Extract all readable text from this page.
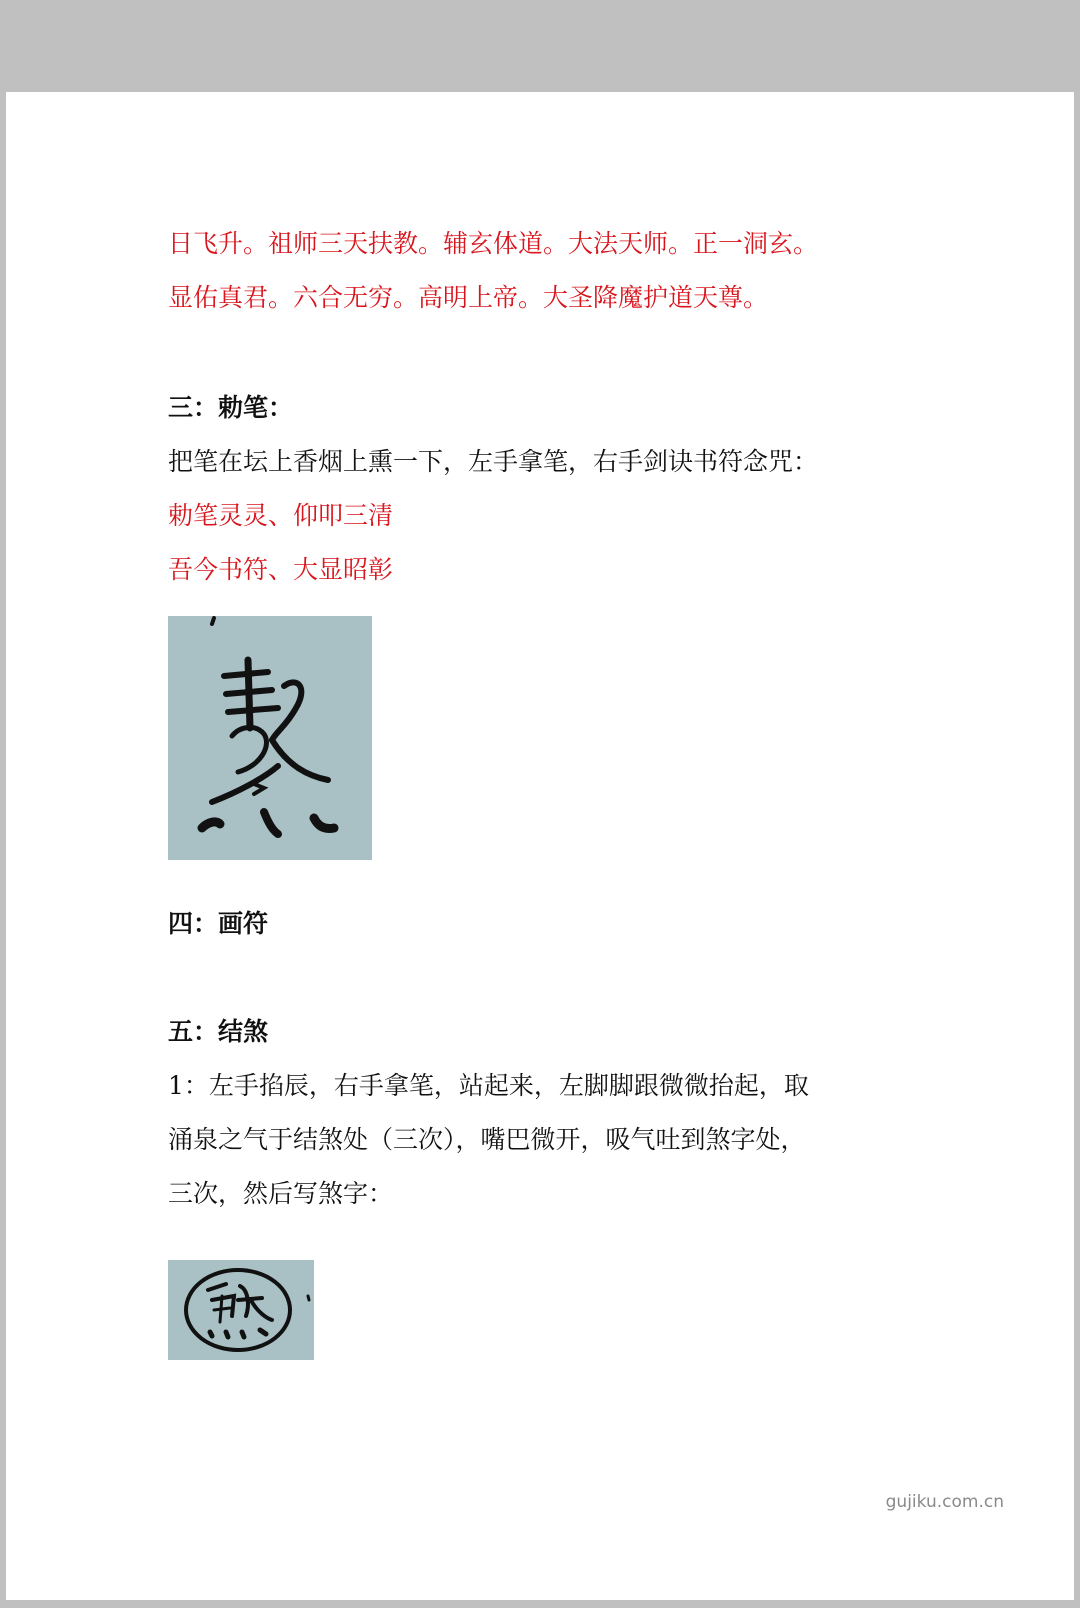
日飞升。祖师三天扶教。辅玄体道。大法天师。正一洞玄。
显佑真君。六合无穷。高明上帝。大圣降魔护道天尊。
三：勅笔：
把笔在坛上香烟上熏一下，左手拿笔，右手剑诀书符念咒：
勅笔灵灵、仰叩三清
吾今书符、大显昭彰
四：画符
五：结煞
1：左手掐辰，右手拿笔，站起来，左脚脚跟微微抬起，取
涌泉之气于结煞处（三次），嘴巴微开，吸气吐到煞字处，
三次，然后写煞字：
gujiku.com.cn
